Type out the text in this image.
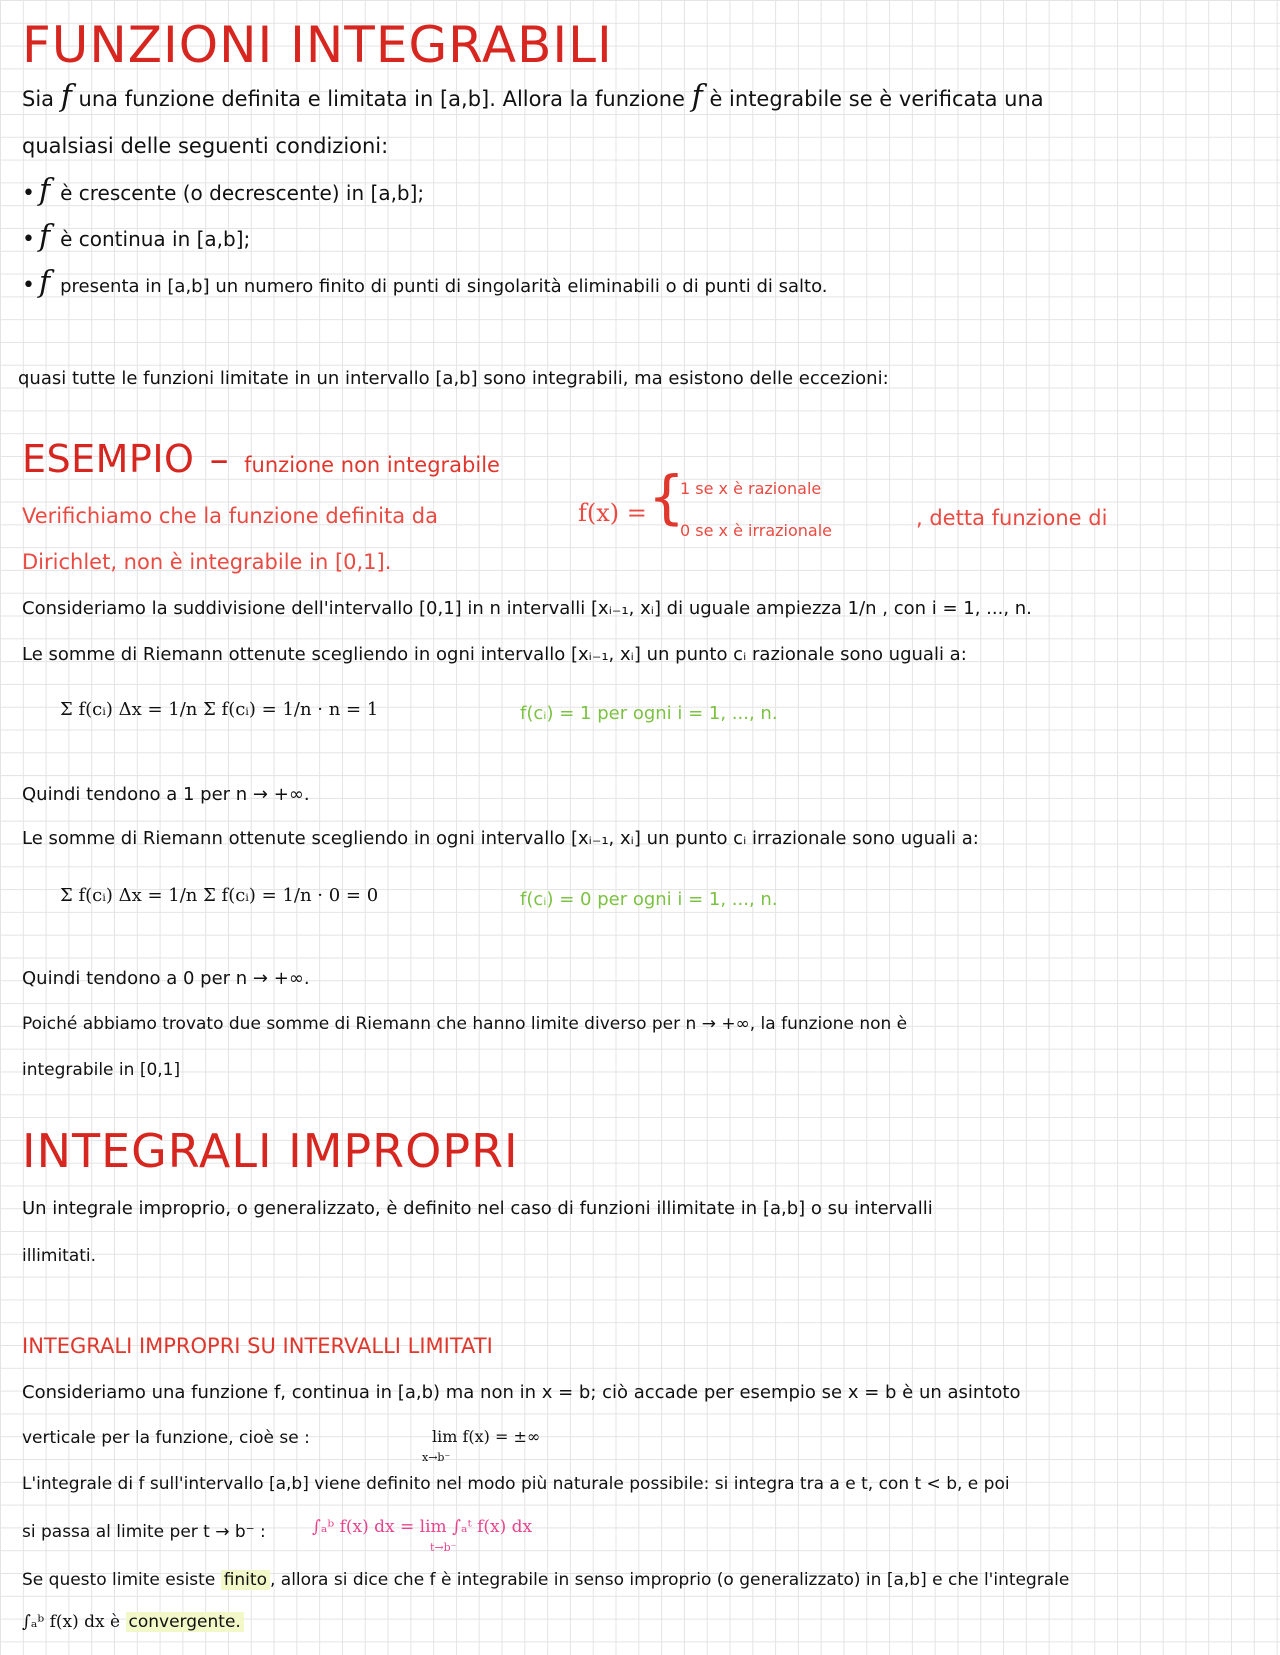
FUNZIONI INTEGRABILI
Sia f una funzione definita e limitata in [a,b]. Allora la funzione f è integrabile se è verificata una
qualsiasi delle seguenti condizioni:
• f è crescente (o decrescente) in [a,b];
• f è continua in [a,b];
• f presenta in [a,b] un numero finito di punti di singolarità eliminabili o di punti di salto.
quasi tutte le funzioni limitate in un intervallo [a,b] sono integrabili, ma esistono delle eccezioni:
ESEMPIO – funzione non integrabile
Verifichiamo che la funzione definita da	f(x) = {
1 se x è razionale
0 se x è irrazionale
, detta funzione di
Dirichlet, non è integrabile in [0,1].
Consideriamo la suddivisione dell'intervallo [0,1] in n intervalli [xᵢ₋₁, xᵢ] di uguale ampiezza 1/n , con i = 1, ..., n.
Le somme di Riemann ottenute scegliendo in ogni intervallo [xᵢ₋₁, xᵢ] un punto cᵢ razionale sono uguali a:
Σ f(cᵢ) Δx = 1/n Σ f(cᵢ) = 1/n · n = 1	f(cᵢ) = 1 per ogni i = 1, ..., n.
Quindi tendono a 1 per n → +∞.
Le somme di Riemann ottenute scegliendo in ogni intervallo [xᵢ₋₁, xᵢ] un punto cᵢ irrazionale sono uguali a:
Σ f(cᵢ) Δx = 1/n Σ f(cᵢ) = 1/n · 0 = 0	f(cᵢ) = 0 per ogni i = 1, ..., n.
Quindi tendono a 0 per n → +∞.
Poiché abbiamo trovato due somme di Riemann che hanno limite diverso per n → +∞, la funzione non è
integrabile in [0,1]
INTEGRALI IMPROPRI
Un integrale improprio, o generalizzato, è definito nel caso di funzioni illimitate in [a,b] o su intervalli
illimitati.
INTEGRALI IMPROPRI SU INTERVALLI LIMITATI
Consideriamo una funzione f, continua in [a,b) ma non in x = b; ciò accade per esempio se x = b è un asintoto
verticale per la funzione, cioè se :	lim f(x) = ±∞
x→b⁻
L'integrale di f sull'intervallo [a,b] viene definito nel modo più naturale possibile: si integra tra a e t, con t < b, e poi
si passa al limite per t → b⁻ :	∫ₐᵇ f(x) dx = lim ∫ₐᵗ f(x) dx
t→b⁻
Se questo limite esiste finito , allora si dice che f è integrabile in senso improprio (o generalizzato) in [a,b] e che l'integrale
∫ₐᵇ f(x) dx è convergente.
